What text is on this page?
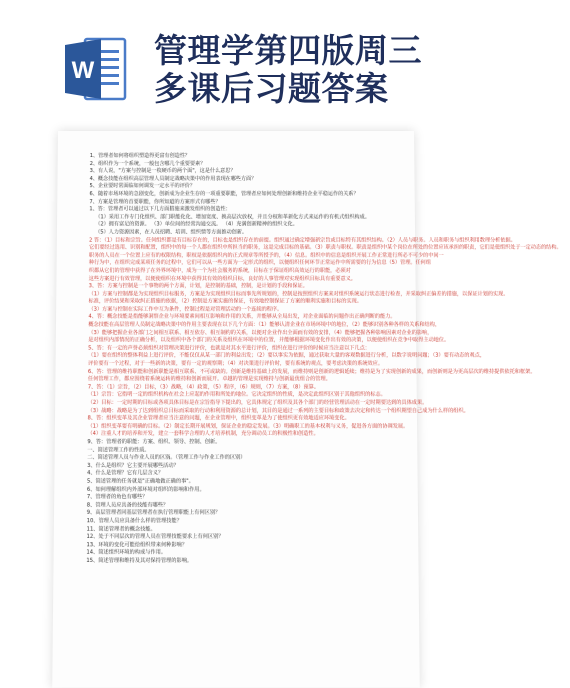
W
管理学第四版周三
多课后习题答案
1、管理者如何将组织塑造得更富有创造性？
2、组织作为一个系统，一般包含哪几个重要要素？
3、有人说，"方案与控制是一枚硬币的两个面"，这是什么意思？
4、概念技能在组织高层管理人员制定战略决策中的作用表现在哪些方面？
5、企业要时常面临如何调发一定水平的评价？
6、随着市场环境的急剧变化，创新成为企业生存的一项重要职能，管理者应如何处理创新和维持企业平稳运作的关系？
7、方案是管理的首要职能，你所知道的方案形式有哪些？
1、答：管理者可以通过以下几方面措施来激发组织的创造性：
（1）采用工作专门化组织、部门职能化化、增加宽度、换高层次放权，并且分权和革新化方式来运作的有机式组织构成。
（2）拥有富足的资源。 （3）单位间的经常沟通交流。 （4）充满创新精神的组织文化。
（5）人力资源因素，在人员招聘、培训、组织情等方面推动创新。
2 答：（1）目标和宗旨。任何组织都是有目标存在的，目标也是组织存在的前提。组织通过确定增强新宗旨或目标特有其组织结构。（2）人员与职务。人员和职务与组织利用数理分析依据。
它们要经过选用、识别和配置，组织中的每一个人都在组织中所担当的职务，这是完成目标的基础。（3）职责与职权。职责是组织中某个岗位在所处的位置应该承担的职责，它们是使组织处于一定动态的结构。
职务的人员在一个位置上应有的权限结构，职权是依据组织内的正式规章等所授予的，（4）信息。组织中的信息是组织开展工作正常进行所必不可少的中间一
种行为中，在组织完成某项任务的过程中，它们可以从一些方面为一定形式的组织，以便组织任何环节正常运作中所需要的行为信息（5）管理。任何组
织都从它们的管理中获得了在外界环境中，成为一个为社会服务的系统，目标在于保证组织高效运行的职能，必须对
这些方案进行有效管理，以便使组织在环境中获得其有效的组织目标，良好的人事管理对实现组织目标具有重要意义。
3、答：方案与控制是一个事物的两个方面，计划，是控制的基础，控制，是计划的手段和保证。
（1）方案与控制都是为实现组织目标服务，方案是为实现组织目标而事先所规划的，控制是按照组织方案来对组织系统运行状态进行检查，并采取纠正偏差的措施，以保证计划的实现。
标准，评价结果和采取纠正措施的依据，（2）控制是方案实施的保证，有效地控制保证了方案的顺利实施和目标的实现。
（3）方案与控制在实际工作中互为条件，控制过程是对管理活动的一个连续的程序。
4、答：概念技能是指能够洞察企业与环境要素间相互影响和作用的关系，并能够从全局出发，对企业面临的问题作出正确判断的能力。
概念技能在高层管理人员制定战略决策中的作用主要表现在以下几个方面：（1）能够认清企业在市场环境中的地位，（2）能够识别各种各样的关系和结构，
（3）能够把握企业各部门之间相互联系、相互依存、相互制约的关系，以便对企业作出全面而有效的安排，（4）能够把握各种影响因素对企业的影响，
是对组织内部情况的正确分析，以及组织中各个部门的关系及组织在环境中的位置，并能够根据环境变化作出有效的决策，以便使组织在竞争中取得主动地位。
5、答：有一定的声誉必须组织对管理决策进行评价，也就是对其水平进行评价，组织在进行评价的时候应当注意以下几点：
（1）要在组织的整体利益上进行评价，不能仅仅从某一部门的利益出发；（2）要以事实为依据，通过获取大量的客观数据进行分析，以数字说明问题；（3）要有动态的观点，
评价要有一个过程，对于一些新的决策，要有一定的观察期；（4）对决策进行评价时，要有系统的观点，要考虑决策的系统效应。
6、答：管理的维持职能和创新职能是相互联系、不可或缺的。创新是维持基础上的发展，而维持则是创新的逻辑延续；维持是为了实现创新的成果，而创新则是为更高层次的维持提供依托和框架。
任何管理工作，都应围绕着系统运转的维持和创新而展开。卓越的管理是实现维持与创新最优组合的管理。
7、答：（1）宗旨，（2）目标，（3）战略，（4）政策，（5）程序，（6）规则，（7）方案，（8）预算。
（1）宗旨：它指明一定的组织机构在社会上应起的作用和所处的地位。它决定组织的性质，是决定此组织区别于其他组织的标志。
（2）目标：一定时期的目标或各项具体目标是在宗旨指导下提出的，它具体规定了组织及其各个部门的经营管理活动在一定时期要达到的具体成果。
（3）战略：战略是为了达到组织总目标而采取的行动和利用资源的总计划，其目的是通过一系列的主要目标和政策去决定和传达一个组织期望自己成为什么样的组织。
8、答：组织变革及其企业管理者应当注意的问题，在企业管理中，组织变革是为了使组织更有效地适应环境变化。
（1）组织变革要有明确的目标。（2）制定长期开展规划，保证企业的稳定发展。（3）明确职工的基本权利与义务，促进各方面的协调发展。
（4）注重人才的培养和开发，建立一套科学合理的人才培养机制，充分调动员工的积极性和创造性。
9、答：管理者的职能：方案、组织、领导、控制、创新。
一、简述管理工作的性质。
二、简述管理人员与作业人员的区别。（管理工作与作业工作的区别）
3、什么是组织？它主要开展哪些活动？
4、什么是管理？它有几层含义？
5、简述管理的任务就是"正确地做正确的事"。
6、如何理解组织内外部环境对组织的影响和作用。
7、管理者的角色有哪些？
8、管理人员应具备的技能有哪些？
9、高层管理者同基层管理者在执行管理职能上有何区别？
10、管理人员应具备什么样的管理技能？
11、简述管理者的概念技能。
12、处于不同层次的管理人员在管理技能要求上有何区别？
13、环境的变化可能给组织带来何种影响？
14、简述组织环境的构成与作用。
15、简述管理和维持及其对保持管理的影响。
